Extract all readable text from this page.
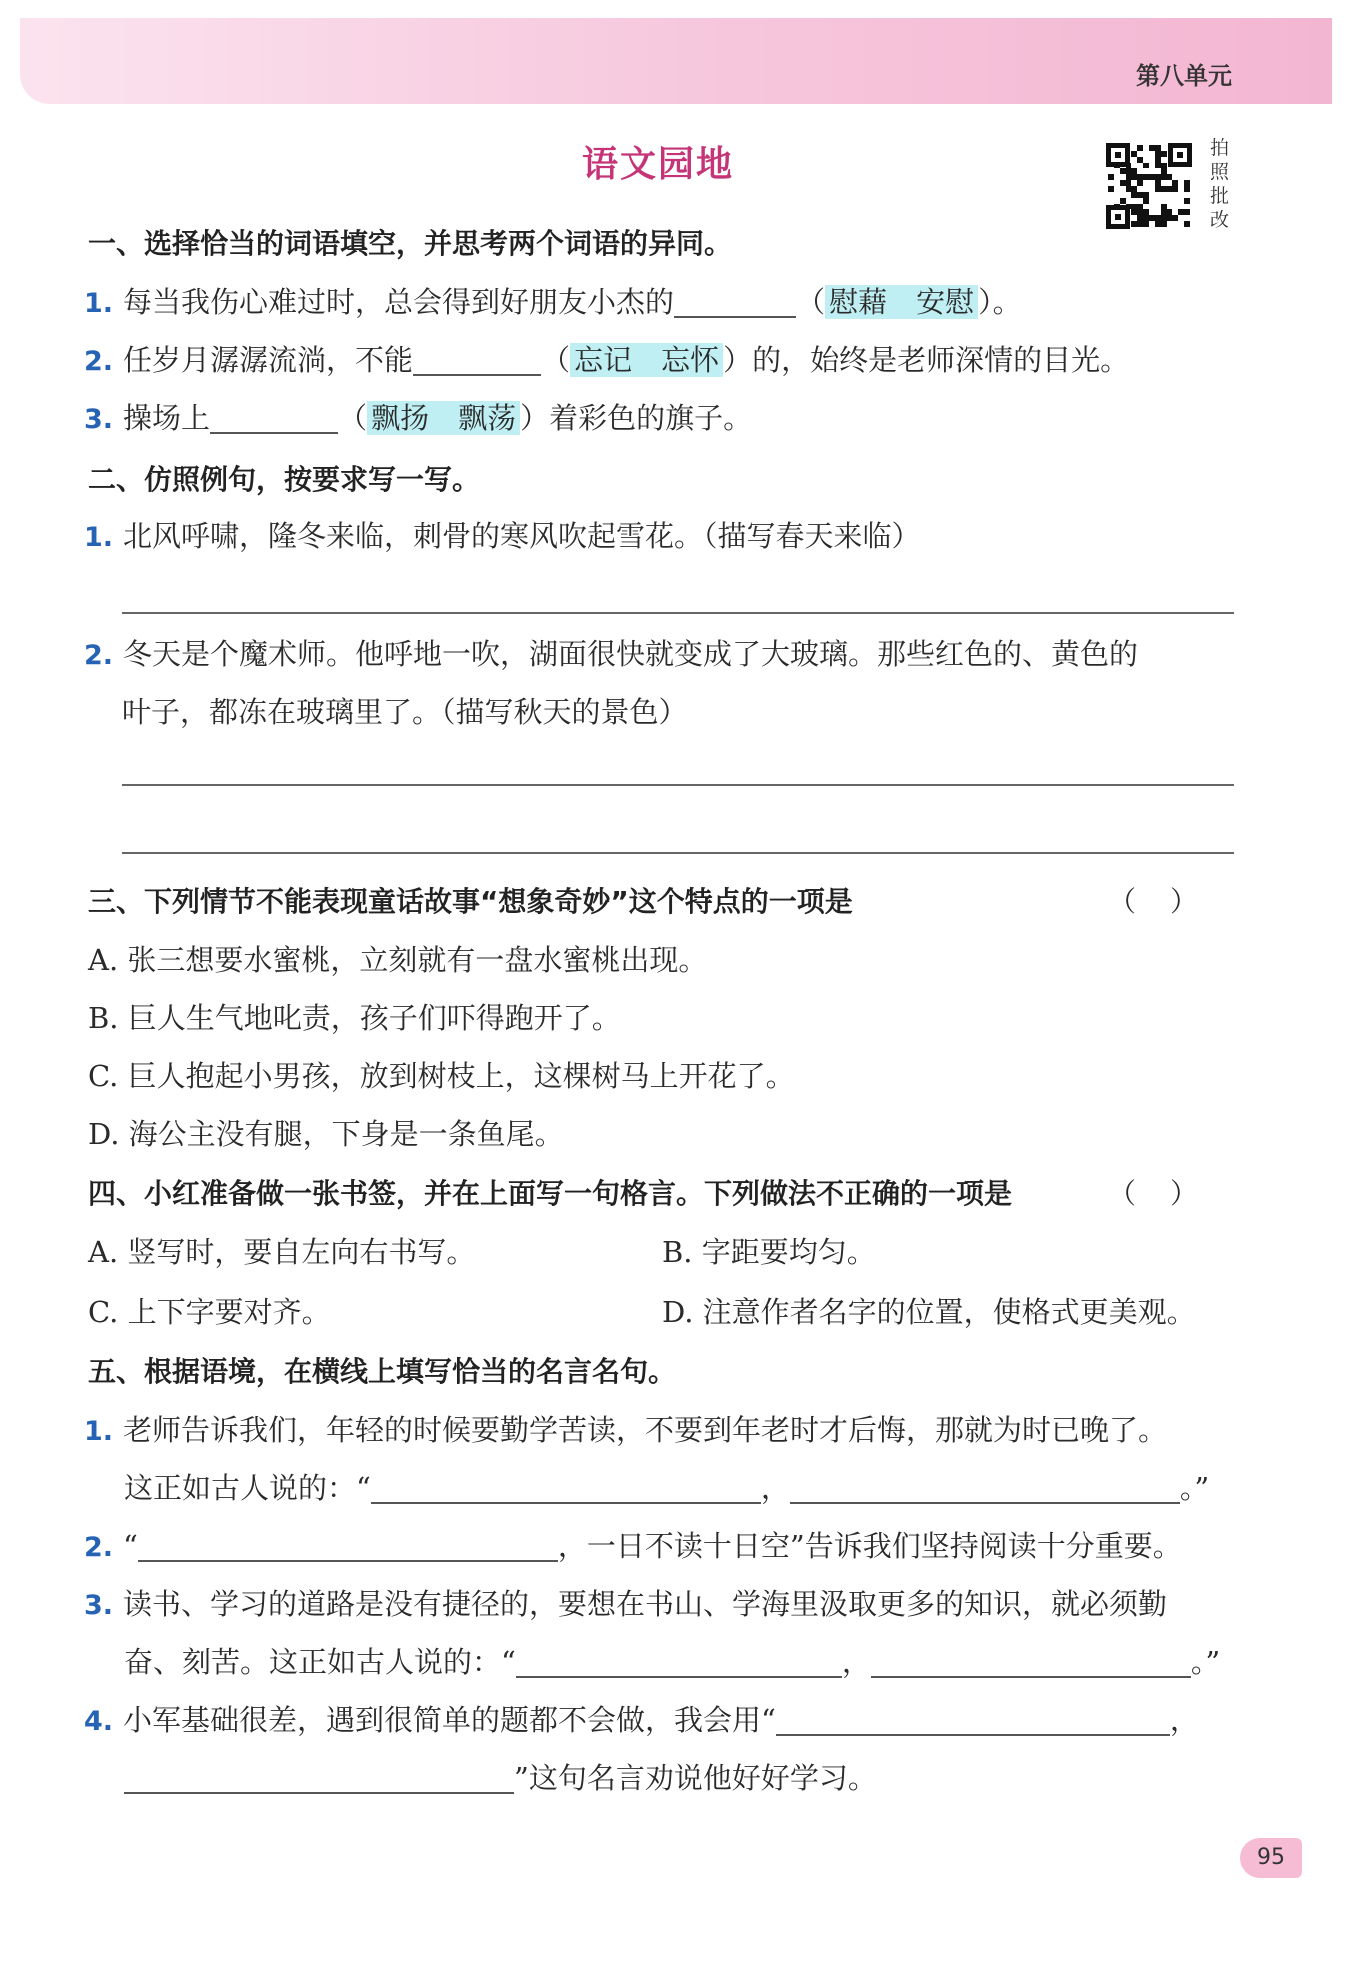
第八单元
语文园地	拍照批改
一、选择恰当的词语填空，并思考两个词语的异同。
1. 每当我伤心难过时，总会得到好朋友小杰的	（ 慰藉　安慰 ）。
2. 任岁月潺潺流淌，不能	（ 忘记　忘怀 ）的，始终是老师深情的目光。
3. 操场上	（ 飘扬　飘荡 ）着彩色的旗子。
二、仿照例句，按要求写一写。
1. 北风呼啸，隆冬来临，刺骨的寒风吹起雪花。（描写春天来临）
2. 冬天是个魔术师。他呼地一吹，湖面很快就变成了大玻璃。那些红色的、黄色的
叶子，都冻在玻璃里了。（描写秋天的景色）
三、下列情节不能表现童话故事“想象奇妙”这个特点的一项是	（）
A. 张三想要水蜜桃，立刻就有一盘水蜜桃出现。
B. 巨人生气地叱责，孩子们吓得跑开了。
C. 巨人抱起小男孩，放到树枝上，这棵树马上开花了。
D. 海公主没有腿，下身是一条鱼尾。
四、小红准备做一张书签，并在上面写一句格言。下列做法不正确的一项是	（）
A. 竖写时，要自左向右书写。	B. 字距要均匀。
C. 上下字要对齐。	D. 注意作者名字的位置，使格式更美观。
五、根据语境，在横线上填写恰当的名言名句。
1. 老师告诉我们，年轻的时候要勤学苦读，不要到年老时才后悔，那就为时已晚了。
这正如古人说的：“	，	。”
2. “	，一日不读十日空”告诉我们坚持阅读十分重要。
3. 读书、学习的道路是没有捷径的，要想在书山、学海里汲取更多的知识，就必须勤
奋、刻苦。这正如古人说的：“	，	。”
4. 小军基础很差，遇到很简单的题都不会做，我会用“	，
”这句名言劝说他好好学习。
95
